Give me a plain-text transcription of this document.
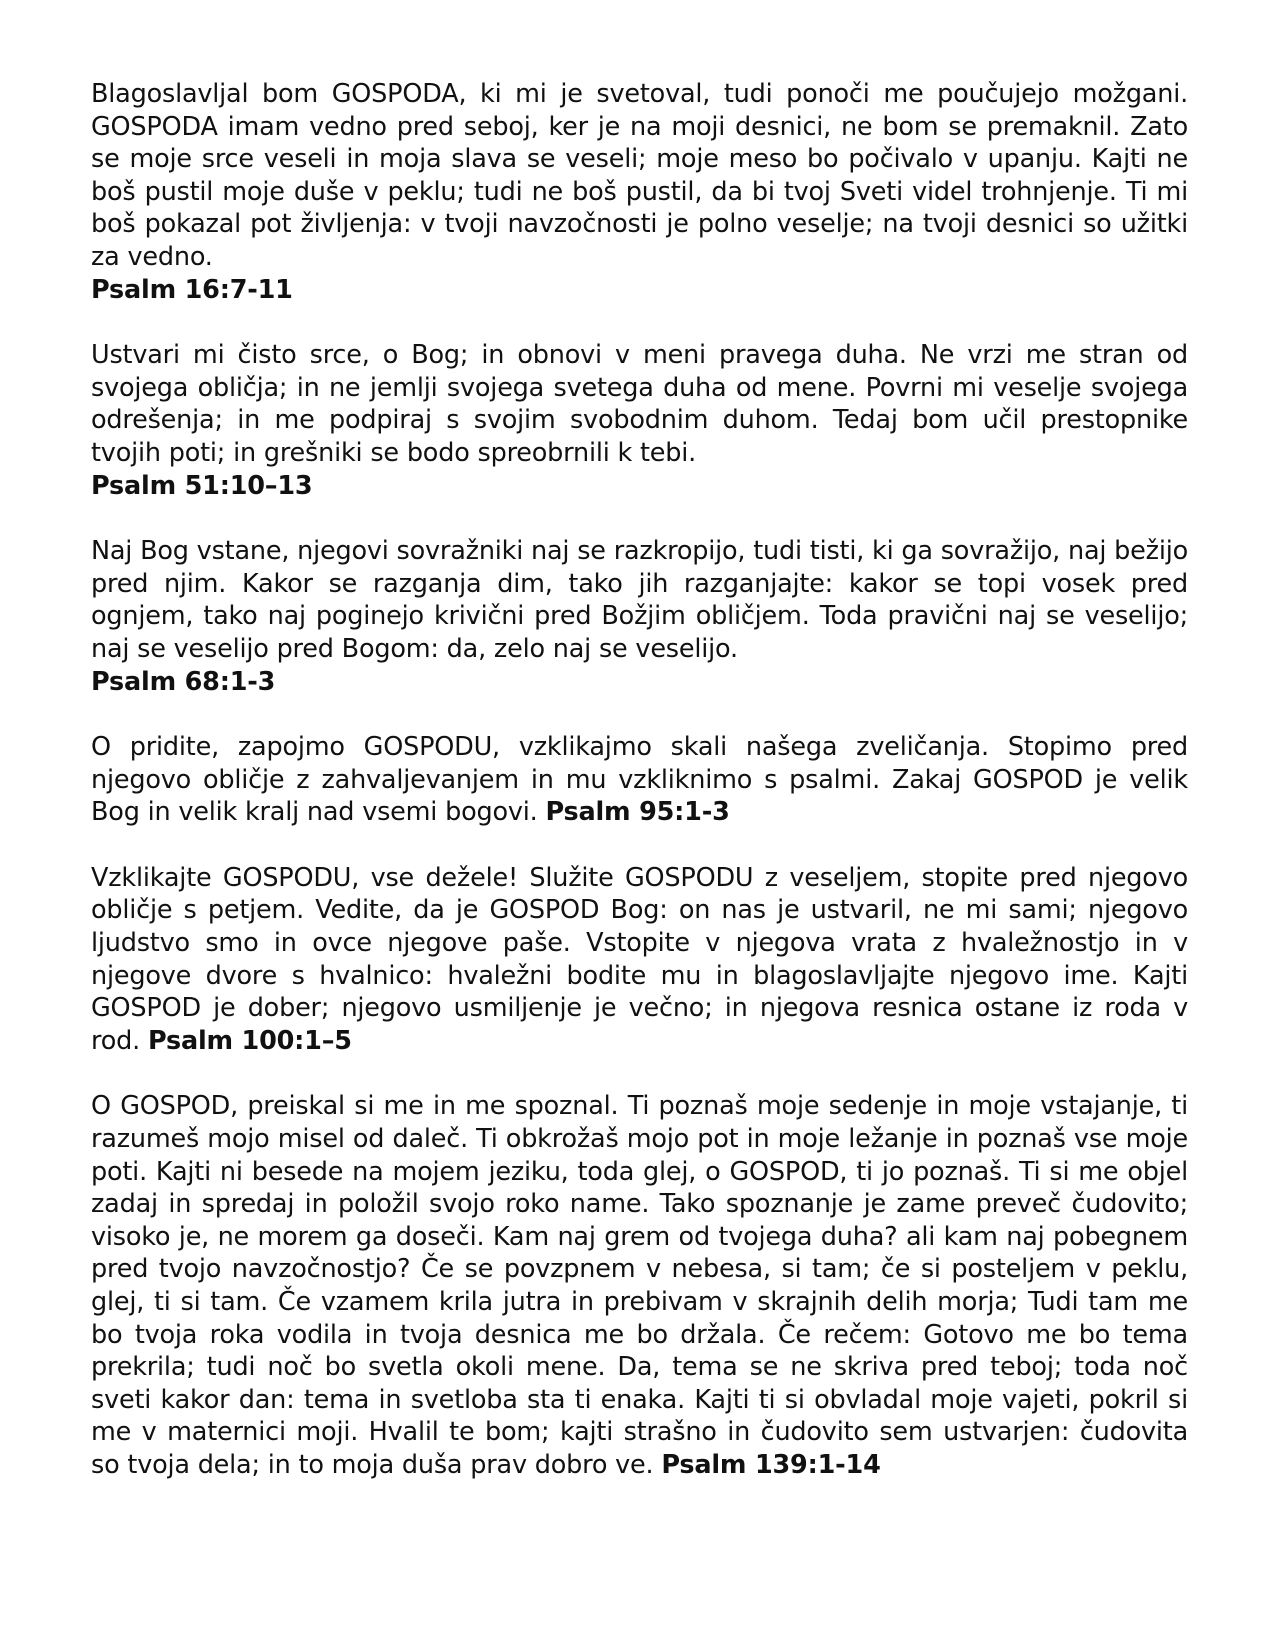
Blagoslavljal bom GOSPODA, ki mi je svetoval, tudi ponoči me poučujejo možgani. GOSPODA imam vedno pred seboj, ker je na moji desnici, ne bom se premaknil. Zato se moje srce veseli in moja slava se veseli; moje meso bo počivalo v upanju. Kajti ne boš pustil moje duše v peklu; tudi ne boš pustil, da bi tvoj Sveti videl trohnjenje. Ti mi boš pokazal pot življenja: v tvoji navzočnosti je polno veselje; na tvoji desnici so užitki za vedno.
Psalm 16:7-11

Ustvari mi čisto srce, o Bog; in obnovi v meni pravega duha. Ne vrzi me stran od svojega obličja; in ne jemlji svojega svetega duha od mene. Povrni mi veselje svojega odrešenja; in me podpiraj s svojim svobodnim duhom. Tedaj bom učil prestopnike tvojih poti; in grešniki se bodo spreobrnili k tebi.
Psalm 51:10–13

Naj Bog vstane, njegovi sovražniki naj se razkropijo, tudi tisti, ki ga sovražijo, naj bežijo pred njim. Kakor se razganja dim, tako jih razganjajte: kakor se topi vosek pred ognjem, tako naj poginejo krivični pred Božjim obličjem. Toda pravični naj se veselijo; naj se veselijo pred Bogom: da, zelo naj se veselijo.
Psalm 68:1-3

O pridite, zapojmo GOSPODU, vzklikajmo skali našega zveličanja. Stopimo pred njegovo obličje z zahvaljevanjem in mu vzkliknimo s psalmi. Zakaj GOSPOD je velik Bog in velik kralj nad vsemi bogovi. Psalm 95:1-3

Vzklikajte GOSPODU, vse dežele! Služite GOSPODU z veseljem, stopite pred njegovo obličje s petjem. Vedite, da je GOSPOD Bog: on nas je ustvaril, ne mi sami; njegovo ljudstvo smo in ovce njegove paše. Vstopite v njegova vrata z hvaležnostjo in v njegove dvore s hvalnico: hvaležni bodite mu in blagoslavljajte njegovo ime. Kajti GOSPOD je dober; njegovo usmiljenje je večno; in njegova resnica ostane iz roda v rod. Psalm 100:1–5

O GOSPOD, preiskal si me in me spoznal. Ti poznaš moje sedenje in moje vstajanje, ti razumeš mojo misel od daleč. Ti obkrožaš mojo pot in moje ležanje in poznaš vse moje poti. Kajti ni besede na mojem jeziku, toda glej, o GOSPOD, ti jo poznaš. Ti si me objel zadaj in spredaj in položil svojo roko name. Tako spoznanje je zame preveč čudovito; visoko je, ne morem ga doseči. Kam naj grem od tvojega duha? ali kam naj pobegnem pred tvojo navzočnostjo? Če se povzpnem v nebesa, si tam; če si posteljem v peklu, glej, ti si tam. Če vzamem krila jutra in prebivam v skrajnih delih morja; Tudi tam me bo tvoja roka vodila in tvoja desnica me bo držala. Če rečem: Gotovo me bo tema prekrila; tudi noč bo svetla okoli mene. Da, tema se ne skriva pred teboj; toda noč sveti kakor dan: tema in svetloba sta ti enaka. Kajti ti si obvladal moje vajeti, pokril si me v maternici moji. Hvalil te bom; kajti strašno in čudovito sem ustvarjen: čudovita so tvoja dela; in to moja duša prav dobro ve. Psalm 139:1-14
